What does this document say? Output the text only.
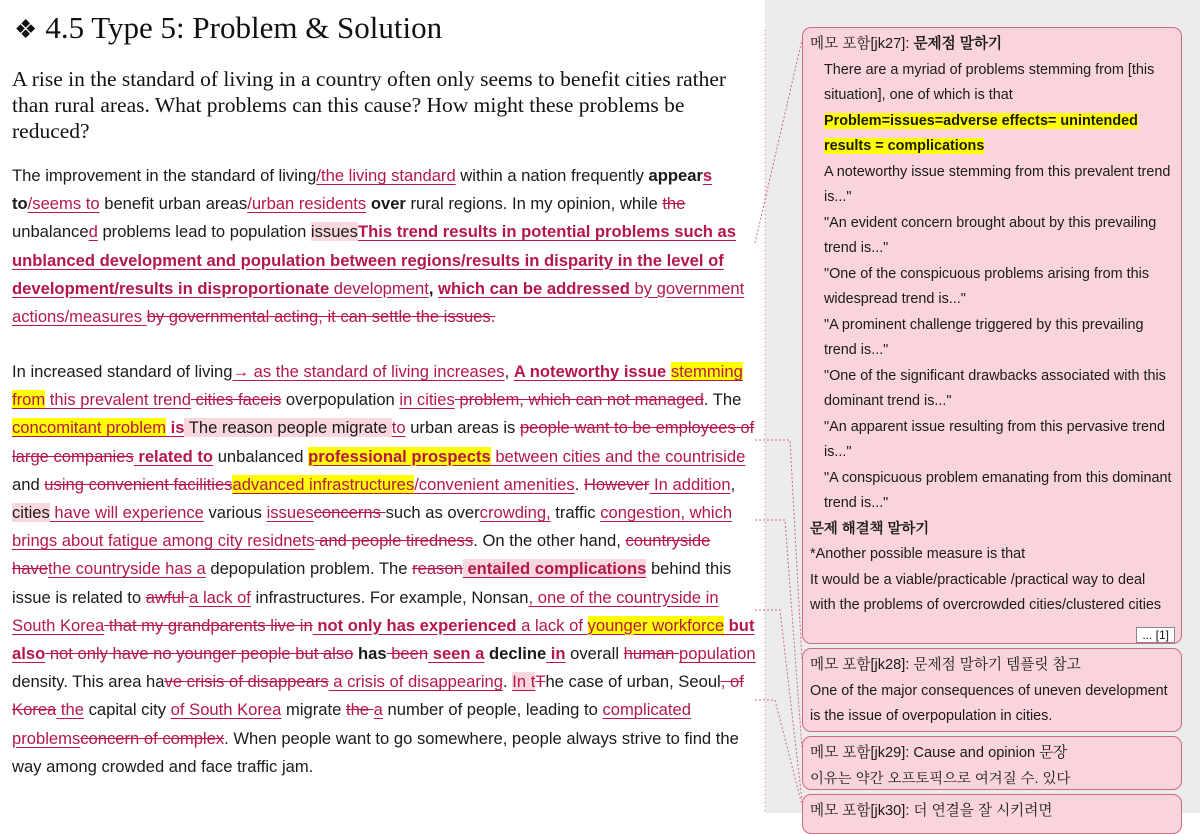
❖ 4.5 Type 5: Problem & Solution

A rise in the standard of living in a country often only seems to benefit cities rather than rural areas. What problems can this cause? How might these problems be reduced?

The improvement in the standard of living/the living standard within a nation frequently appears
to/seems to benefit urban areas/urban residents over rural regions. In my opinion, while the
unbalanced problems lead to population issuesThis trend results in potential problems such as unblanced development and population between regions/results in disparity in the level of development/results in disproportionate development, which can be addressed by government actions/measures by governmental acting, it can settle the issues.

In increased standard of living→ as the standard of living increases, A noteworthy issue stemming from this prevalent trend cities faceis overpopulation in cities problem, which can not managed. The concomitant problem is The reason people migrate to urban areas is people want to be employees of large companies related to unbalanced professional prospects between cities and the countriside and using convenient facilitiesadvanced infrastructures/convenient amenities. However In addition, cities have will experience various issuesconcerns such as overcrowding, traffic congestion, which brings about fatigue among city residnets and people tiredness. On the other hand, countryside havethe countryside has a depopulation problem. The reason entailed complications behind this issue is related to awful a lack of infrastructures. For example, Nonsan, one of the countryside in South Korea that my grandparents live in not only has experienced a lack of younger workforce but also not only have no younger people but also has been seen a decline in overall human population density. This area have crisis of disappears a crisis of disappearing. In tThe case of urban, Seoul, of Korea the capital city of South Korea migrate the a number of people, leading to complicated problemsconcern of complex. When people want to go somewhere, people always strive to find the way among crowded and face traffic jam.

메모 포함[jk27]: 문제점 말하기
There are a myriad of problems stemming from [this situation], one of which is that
Problem=issues=adverse effects= unintended results = complications
A noteworthy issue stemming from this prevalent trend is..."
"An evident concern brought about by this prevailing trend is..."
"One of the conspicuous problems arising from this widespread trend is..."
"A prominent challenge triggered by this prevailing trend is..."
"One of the significant drawbacks associated with this dominant trend is..."
"An apparent issue resulting from this pervasive trend is..."
"A conspicuous problem emanating from this dominant trend is..."
문제 해결책 말하기
*Another possible measure is that
It would be a viable/practicable /practical way to deal with the problems of overcrowded cities/clustered cities
... [1]
메모 포함[jk28]: 문제점 말하기 템플릿 참고
One of the major consequences of uneven development is the issue of overpopulation in cities.
메모 포함[jk29]: Cause and opinion 문장
이유는 약간 오프토픽으로 여겨질 수. 있다
메모 포함[jk30]: 더 연결을 잘 시키려면
